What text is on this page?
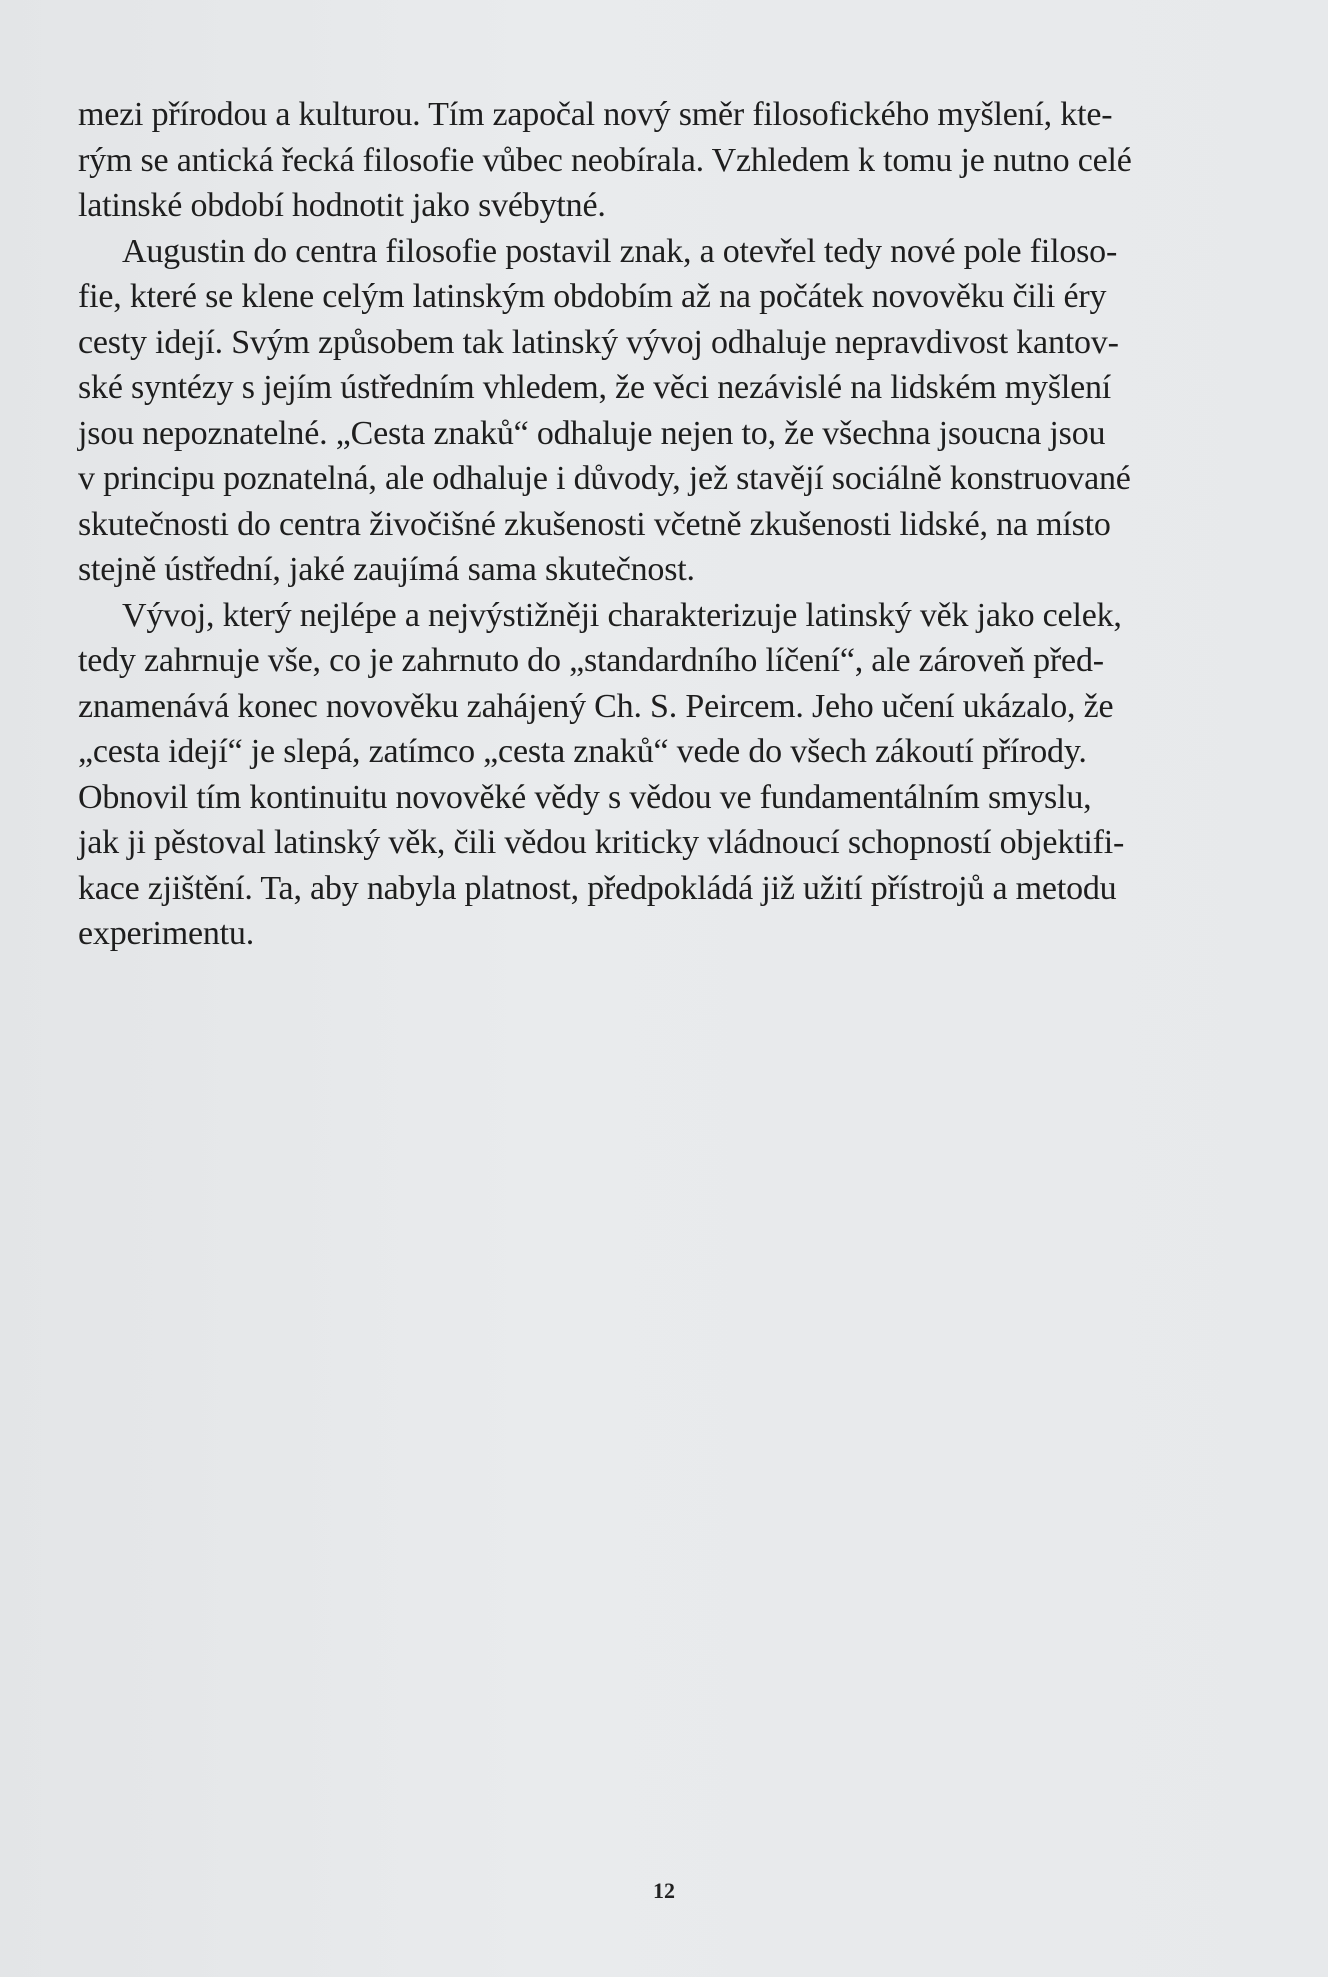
mezi přírodou a kulturou. Tím započal nový směr filosofického myšlení, kte-
rým se antická řecká filosofie vůbec neobírala. Vzhledem k tomu je nutno celé
latinské období hodnotit jako svébytné.
Augustin do centra filosofie postavil znak, a otevřel tedy nové pole filoso-
fie, které se klene celým latinským obdobím až na počátek novověku čili éry
cesty idejí. Svým způsobem tak latinský vývoj odhaluje nepravdivost kantov-
ské syntézy s jejím ústředním vhledem, že věci nezávislé na lidském myšlení
jsou nepoznatelné. „Cesta znaků“ odhaluje nejen to, že všechna jsoucna jsou
v principu poznatelná, ale odhaluje i důvody, jež stavějí sociálně konstruované
skutečnosti do centra živočišné zkušenosti včetně zkušenosti lidské, na místo
stejně ústřední, jaké zaujímá sama skutečnost.
Vývoj, který nejlépe a nejvýstižněji charakterizuje latinský věk jako celek,
tedy zahrnuje vše, co je zahrnuto do „standardního líčení“, ale zároveň před-
znamenává konec novověku zahájený Ch. S. Peircem. Jeho učení ukázalo, že
„cesta idejí“ je slepá, zatímco „cesta znaků“ vede do všech zákoutí přírody.
Obnovil tím kontinuitu novověké vědy s vědou ve fundamentálním smyslu,
jak ji pěstoval latinský věk, čili vědou kriticky vládnoucí schopností objektifi-
kace zjištění. Ta, aby nabyla platnost, předpokládá již užití přístrojů a metodu
experimentu.
12
